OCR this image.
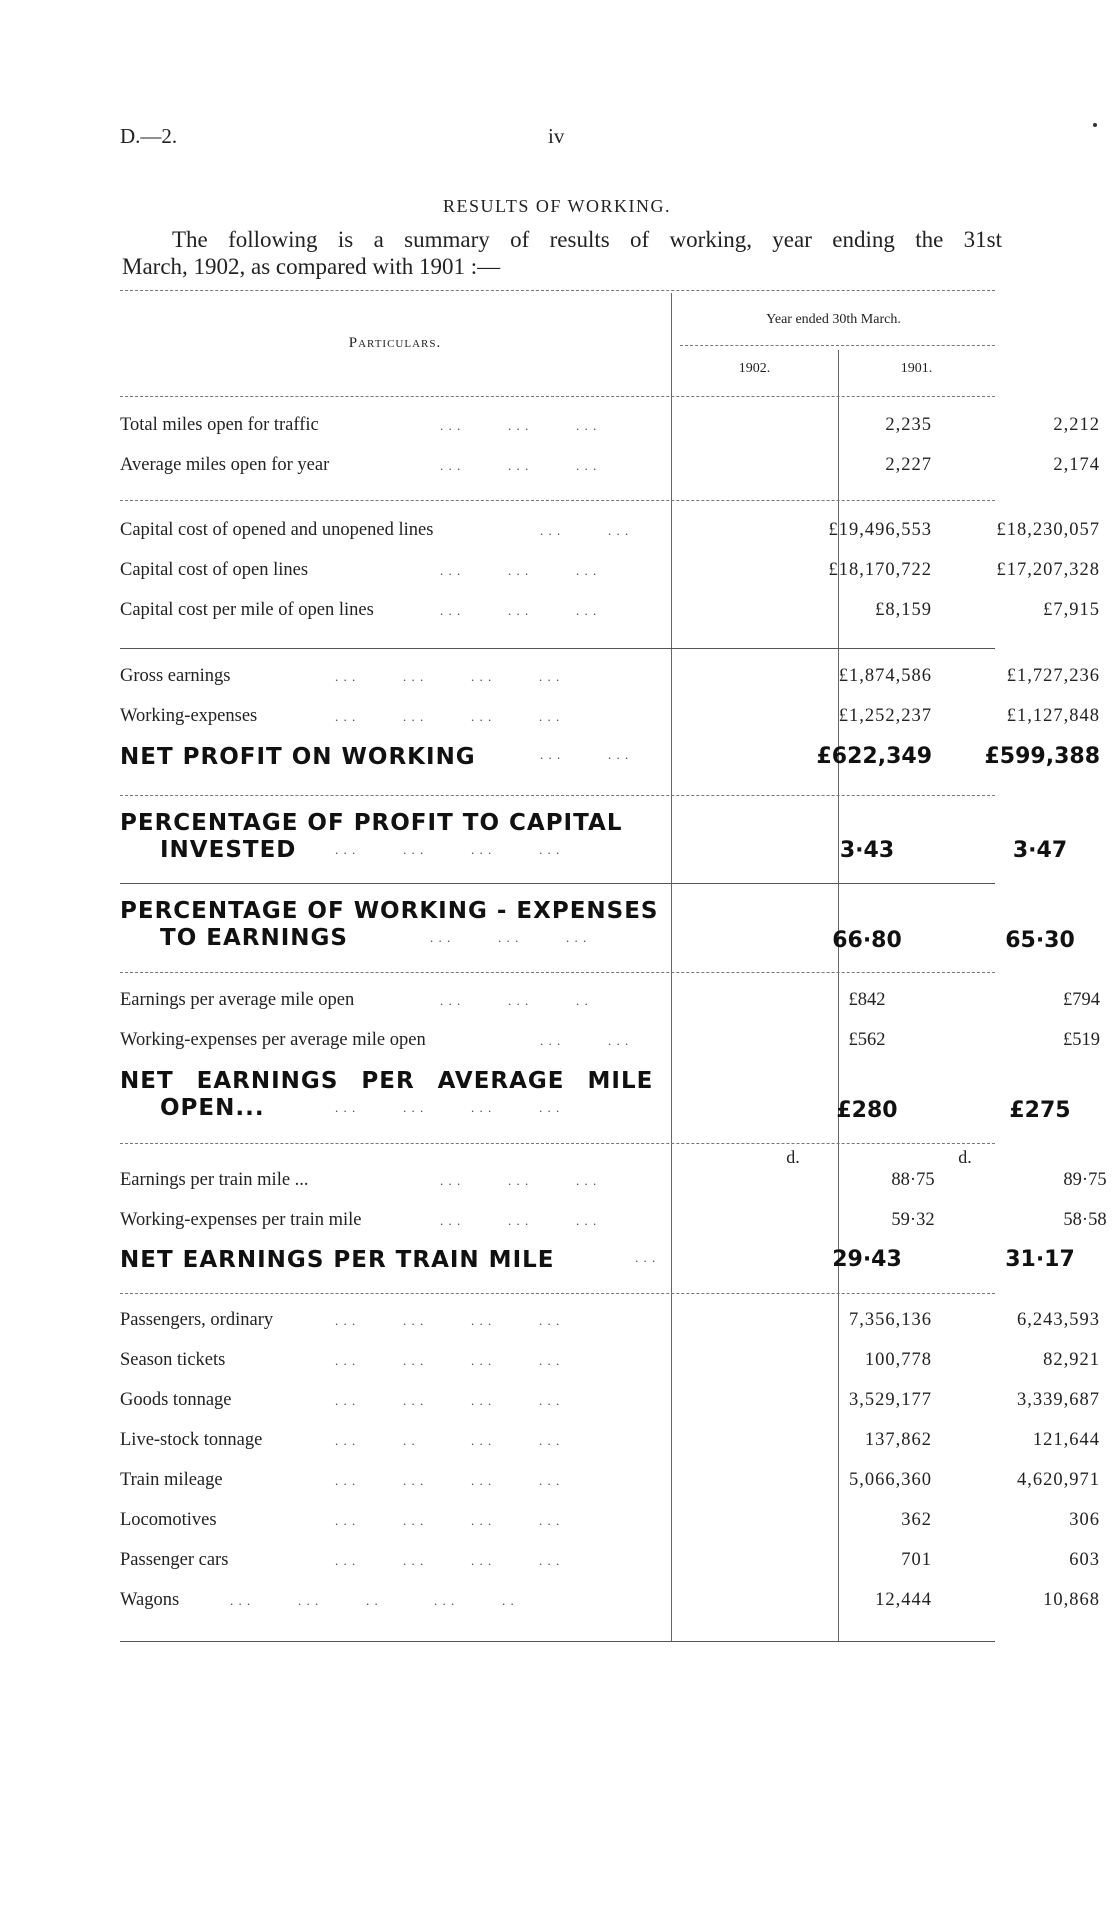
D.—2.	iv
RESULTS OF WORKING.
The following is a summary of results of working, year ending the 31st
March, 1902, as compared with 1901 :—
Particulars.
Year ended 30th March.
1902.	1901.
Total miles open for traffic	. . .           . . .           . . .	2,235	2,212
Average miles open for year	. . .           . . .           . . .	2,227	2,174
Capital cost of opened and unopened lines	. . .           . . .	£19,496,553	£18,230,057
Capital cost of open lines	. . .           . . .           . . .	£18,170,722	£17,207,328
Capital cost per mile of open lines	. . .           . . .           . . .	£8,159	£7,915
Gross earnings	. . .           . . .           . . .           . . .	£1,874,586	£1,727,236
Working-expenses	. . .           . . .           . . .           . . .	£1,252,237	£1,127,848
NET PROFIT ON WORKING	. . .           . . .	£622,349	£599,388
PERCENTAGE OF PROFIT TO CAPITAL
INVESTED	. . .           . . .           . . .           . . .	3·43	3·47
PERCENTAGE OF WORKING - EXPENSES
TO EARNINGS	. . .           . . .           . . .	66·80	65·30
Earnings per average mile open	. . .           . . .           . .	£842	£794
Working-expenses per average mile open	. . .           . . .	£562	£519
NET EARNINGS PER AVERAGE MILE
OPEN...	. . .           . . .           . . .           . . .	£280	£275
d.	d.
Earnings per train mile ...	. . .           . . .           . . .	88·75	89·75
Working-expenses per train mile	. . .           . . .           . . .	59·32	58·58
NET EARNINGS PER TRAIN MILE	. . .	29·43	31·17
Passengers, ordinary	. . .           . . .           . . .           . . .	7,356,136	6,243,593
Season tickets	. . .           . . .           . . .           . . .	100,778	82,921
Goods tonnage	. . .           . . .           . . .           . . .	3,529,177	3,339,687
Live-stock tonnage	. . .           . .             . . .           . . .	137,862	121,644
Train mileage	. . .           . . .           . . .           . . .	5,066,360	4,620,971
Locomotives	. . .           . . .           . . .           . . .	362	306
Passenger cars	. . .           . . .           . . .           . . .	701	603
Wagons	. . .           . . .           . .             . . .           . .	12,444	10,868
